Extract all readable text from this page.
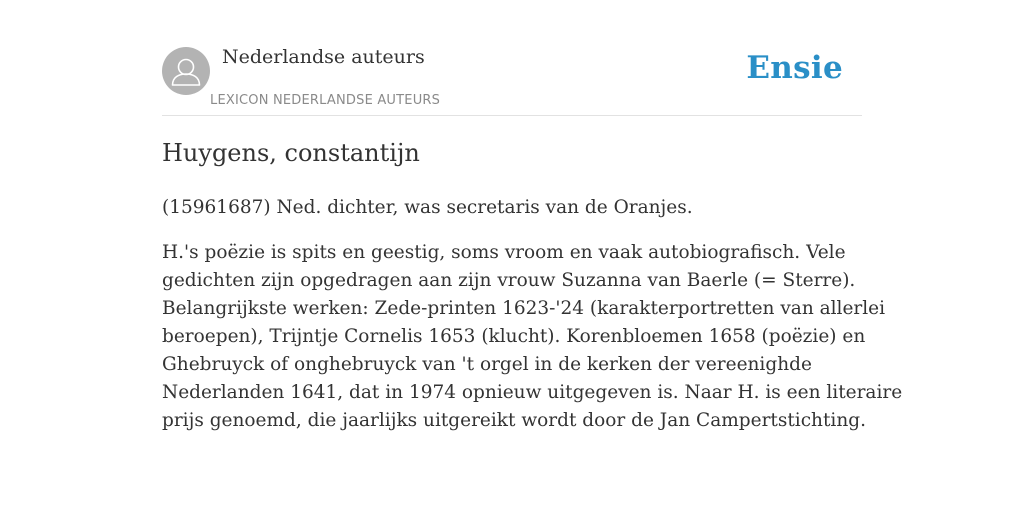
Nederlandse auteurs
LEXICON NEDERLANDSE AUTEURS
Ensie
Huygens, constantijn

(15961687) Ned. dichter, was secretaris van de Oranjes.

H.'s poëzie is spits en geestig, soms vroom en vaak autobiografisch. Vele
gedichten zijn opgedragen aan zijn vrouw Suzanna van Baerle (= Sterre).
Belangrijkste werken: Zede-printen 1623-'24 (karakterportretten van allerlei
beroepen), Trijntje Cornelis 1653 (klucht). Korenbloemen 1658 (poëzie) en
Ghebruyck of onghebruyck van 't orgel in de kerken der vereenighde
Nederlanden 1641, dat in 1974 opnieuw uitgegeven is. Naar H. is een literaire
prijs genoemd, die jaarlijks uitgereikt wordt door de Jan Campertstichting.
